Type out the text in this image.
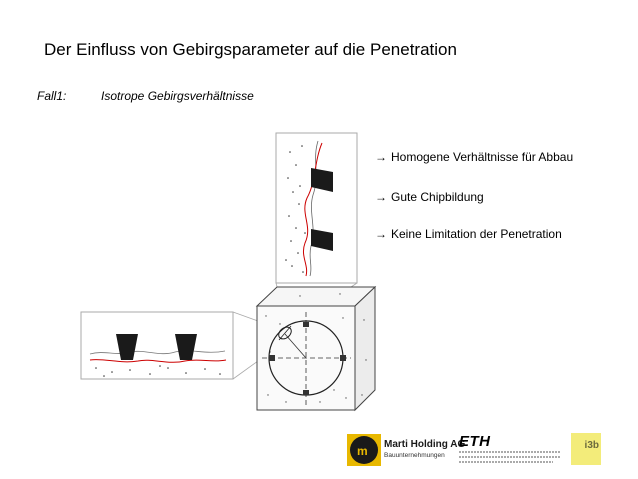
Der Einfluss von Gebirgsparameter auf die Penetration
Fall1:	Isotrope Gebirgsverhältnisse
→ Homogene Verhältnisse für Abbau
→ Gute Chipbildung
→ Keine Limitation der Penetration
m Marti Holding AG
Bauunternehmungen
ETH	i3b
